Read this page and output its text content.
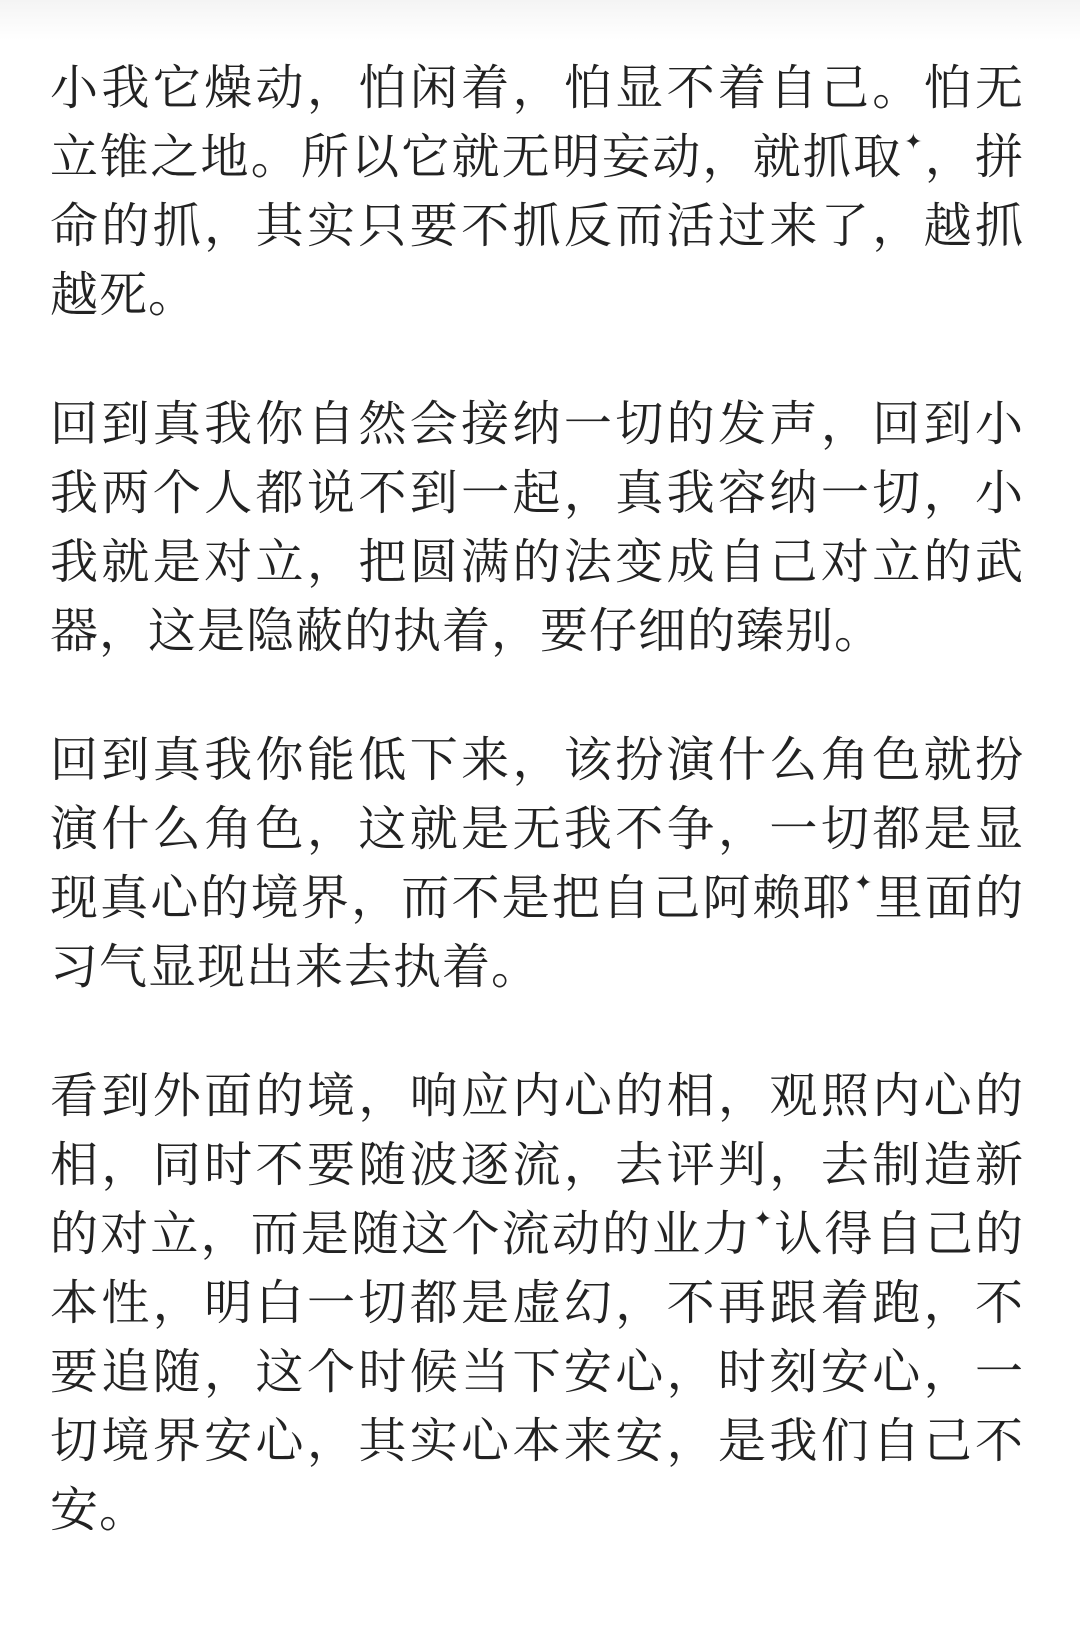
小我它燥动，怕闲着，怕显不着自己。怕无立锥之地。所以它就无明妄动，就抓取✦，拼命的抓，其实只要不抓反而活过来了，越抓越死。

回到真我你自然会接纳一切的发声，回到小我两个人都说不到一起，真我容纳一切，小我就是对立，把圆满的法变成自己对立的武器，这是隐蔽的执着，要仔细的臻别。

回到真我你能低下来，该扮演什么角色就扮演什么角色，这就是无我不争，一切都是显现真心的境界，而不是把自己阿赖耶✦里面的习气显现出来去执着。

看到外面的境，响应内心的相，观照内心的相，同时不要随波逐流，去评判，去制造新的对立，而是随这个流动的业力✦认得自己的本性，明白一切都是虚幻，不再跟着跑，不要追随，这个时候当下安心，时刻安心，一切境界安心，其实心本来安，是我们自己不安。
